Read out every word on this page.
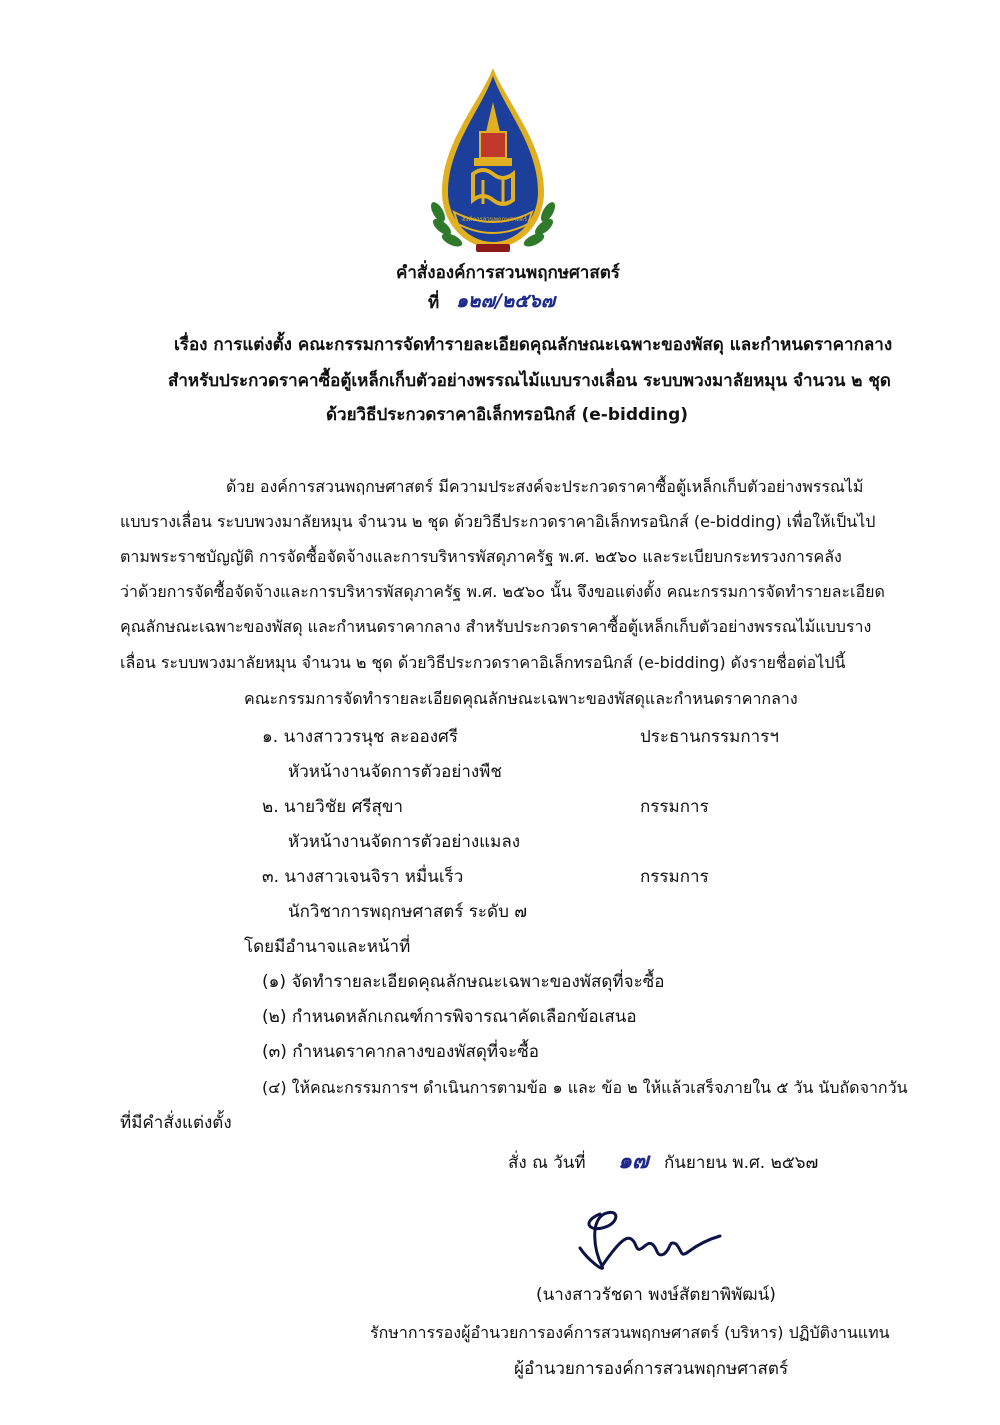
องค์การสวนพฤกษศาสตร์
คำสั่งองค์การสวนพฤกษศาสตร์
ที่ ๑๒๗/๒๕๖๗
เรื่อง การแต่งตั้ง คณะกรรมการจัดทำรายละเอียดคุณลักษณะเฉพาะของพัสดุ และกำหนดราคากลาง
สำหรับประกวดราคาซื้อตู้เหล็กเก็บตัวอย่างพรรณไม้แบบรางเลื่อน ระบบพวงมาลัยหมุน จำนวน ๒ ชุด
ด้วยวิธีประกวดราคาอิเล็กทรอนิกส์ (e-bidding)
ด้วย องค์การสวนพฤกษศาสตร์ มีความประสงค์จะประกวดราคาซื้อตู้เหล็กเก็บตัวอย่างพรรณไม้
แบบรางเลื่อน ระบบพวงมาลัยหมุน จำนวน ๒ ชุด ด้วยวิธีประกวดราคาอิเล็กทรอนิกส์ (e-bidding) เพื่อให้เป็นไป
ตามพระราชบัญญัติ การจัดซื้อจัดจ้างและการบริหารพัสดุภาครัฐ พ.ศ. ๒๕๖๐ และระเบียบกระทรวงการคลัง
ว่าด้วยการจัดซื้อจัดจ้างและการบริหารพัสดุภาครัฐ พ.ศ. ๒๕๖๐ นั้น จึงขอแต่งตั้ง คณะกรรมการจัดทำรายละเอียด
คุณลักษณะเฉพาะของพัสดุ และกำหนดราคากลาง สำหรับประกวดราคาซื้อตู้เหล็กเก็บตัวอย่างพรรณไม้แบบราง
เลื่อน ระบบพวงมาลัยหมุน จำนวน ๒ ชุด ด้วยวิธีประกวดราคาอิเล็กทรอนิกส์ (e-bidding) ดังรายชื่อต่อไปนี้
คณะกรรมการจัดทำรายละเอียดคุณลักษณะเฉพาะของพัสดุและกำหนดราคากลาง
๑. นางสาววรนุช ละอองศรี	ประธานกรรมการฯ
หัวหน้างานจัดการตัวอย่างพืช
๒. นายวิชัย ศรีสุขา	กรรมการ
หัวหน้างานจัดการตัวอย่างแมลง
๓. นางสาวเจนจิรา หมื่นเร็ว	กรรมการ
นักวิชาการพฤกษศาสตร์ ระดับ ๗
โดยมีอำนาจและหน้าที่
(๑) จัดทำรายละเอียดคุณลักษณะเฉพาะของพัสดุที่จะซื้อ
(๒) กำหนดหลักเกณฑ์การพิจารณาคัดเลือกข้อเสนอ
(๓) กำหนดราคากลางของพัสดุที่จะซื้อ
(๔) ให้คณะกรรมการฯ ดำเนินการตามข้อ ๑ และ ข้อ ๒ ให้แล้วเสร็จภายใน ๕ วัน นับถัดจากวัน
ที่มีคำสั่งแต่งตั้ง
สั่ง ณ วันที่ ๑๗ กันยายน พ.ศ. ๒๕๖๗
(นางสาวรัชดา พงษ์สัตยาพิพัฒน์)
รักษาการรองผู้อำนวยการองค์การสวนพฤกษศาสตร์ (บริหาร) ปฏิบัติงานแทน
ผู้อำนวยการองค์การสวนพฤกษศาสตร์
